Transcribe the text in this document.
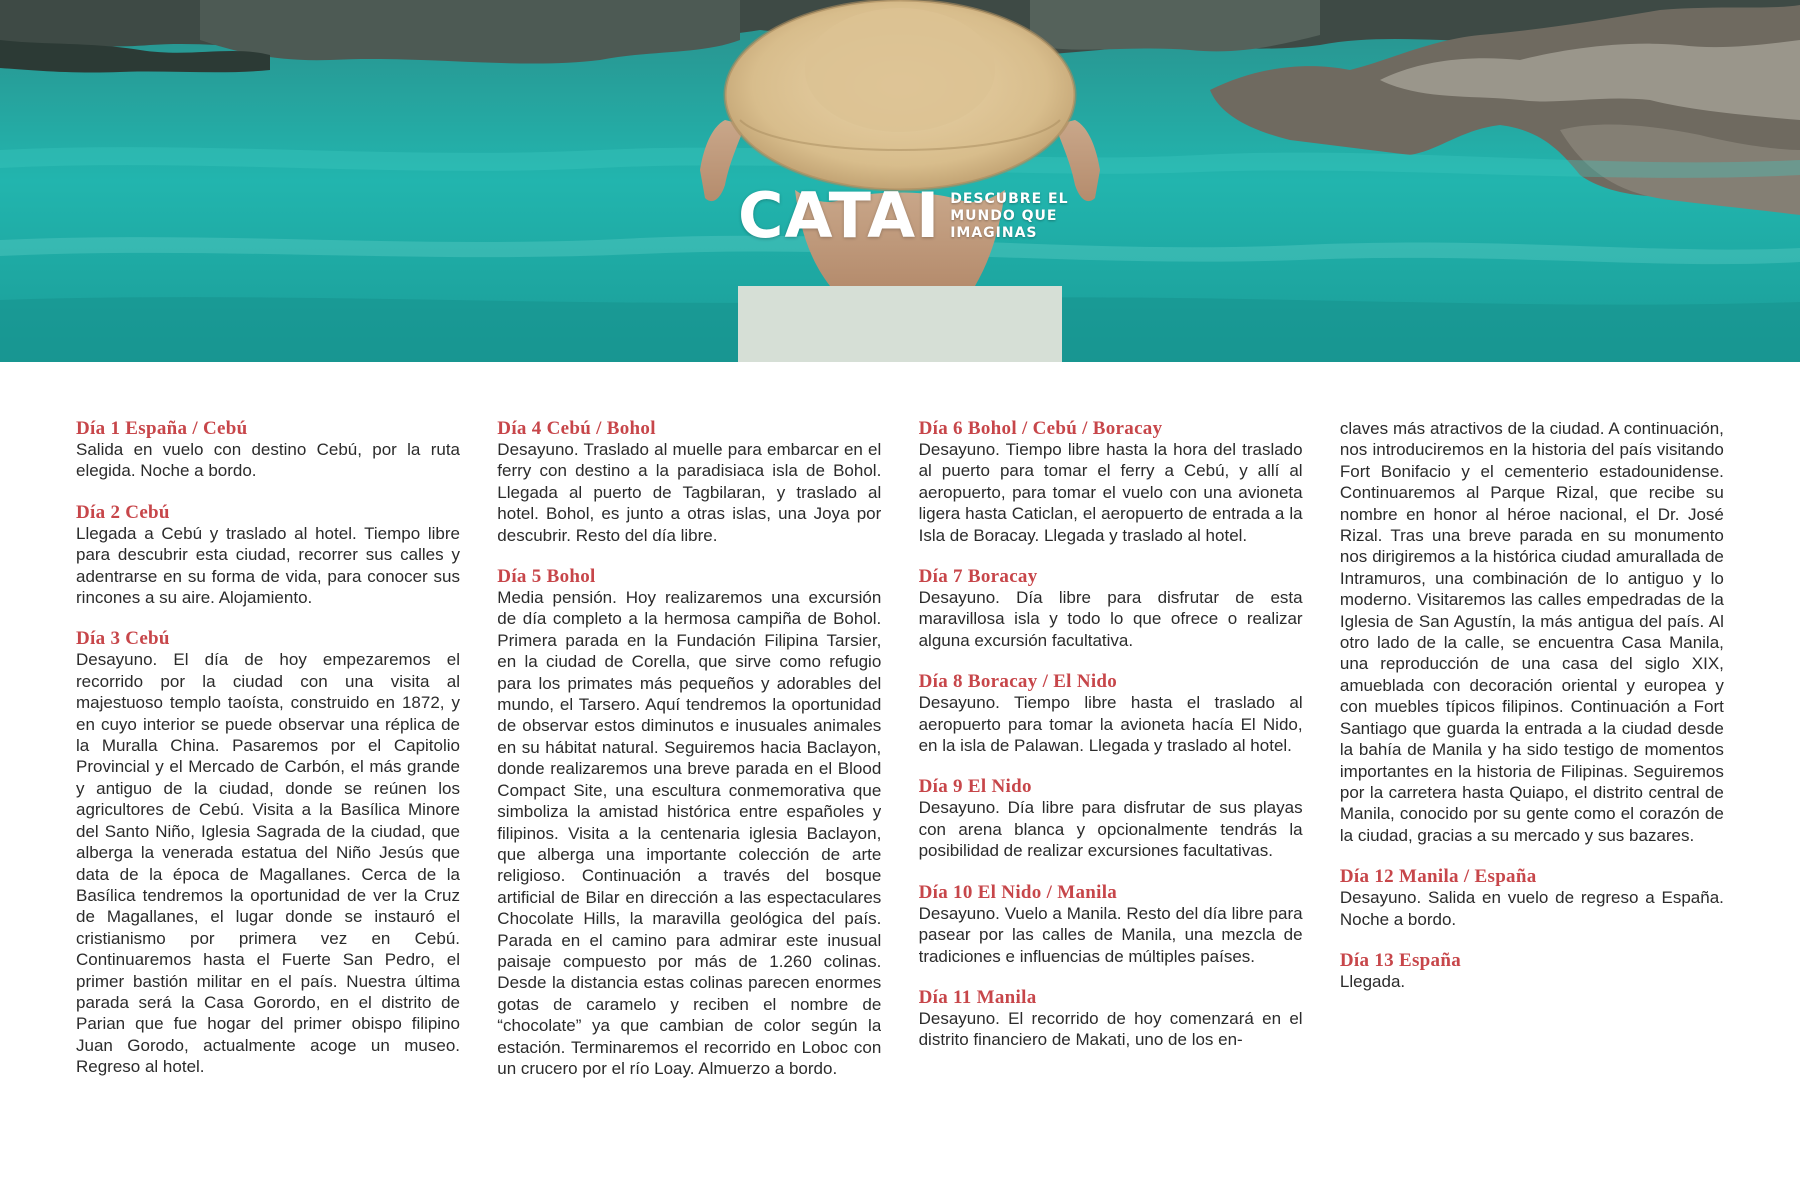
CATAI DESCUBRE EL
MUNDO QUE
IMAGINAS
Día 1 España / Cebú
Salida en vuelo con destino Cebú, por la ruta elegida. Noche a bordo.
Día 2 Cebú
Llegada a Cebú y traslado al hotel. Tiempo libre para descubrir esta ciudad, recorrer sus calles y adentrarse en su forma de vida, para conocer sus rincones a su aire. Alojamiento.
Día 3 Cebú
Desayuno. El día de hoy empezaremos el recorrido por la ciudad con una visita al majestuoso templo taoísta, construido en 1872, y en cuyo interior se puede observar una réplica de la Muralla China. Pasaremos por el Capitolio Provincial y el Mercado de Carbón, el más grande y antiguo de la ciudad, donde se reúnen los agricultores de Cebú. Visita a la Basílica Minore del Santo Niño, Iglesia Sagrada de la ciudad, que alberga la venerada estatua del Niño Jesús que data de la época de Magallanes. Cerca de la Basílica tendremos la oportunidad de ver la Cruz de Magallanes, el lugar donde se instauró el cristianismo por primera vez en Cebú. Continuaremos hasta el Fuerte San Pedro, el primer bastión militar en el país. Nuestra última parada será la Casa Gorordo, en el distrito de Parian que fue hogar del primer obispo filipino Juan Gorodo, actualmente acoge un museo. Regreso al hotel.
Día 4 Cebú / Bohol
Desayuno. Traslado al muelle para embarcar en el ferry con destino a la paradisiaca isla de Bohol. Llegada al puerto de Tagbilaran, y traslado al hotel. Bohol, es junto a otras islas, una Joya por descubrir. Resto del día libre.
Día 5 Bohol
Media pensión. Hoy realizaremos una excursión de día completo a la hermosa campiña de Bohol. Primera parada en la Fundación Filipina Tarsier, en la ciudad de Corella, que sirve como refugio para los primates más pequeños y adorables del mundo, el Tarsero. Aquí tendremos la oportunidad de observar estos diminutos e inusuales animales en su hábitat natural. Seguiremos hacia Baclayon, donde realizaremos una breve parada en el Blood Compact Site, una escultura conmemorativa que simboliza la amistad histórica entre españoles y filipinos. Visita a la centenaria iglesia Baclayon, que alberga una importante colección de arte religioso. Continuación a través del bosque artificial de Bilar en dirección a las espectaculares Chocolate Hills, la maravilla geológica del país. Parada en el camino para admirar este inusual paisaje compuesto por más de 1.260 colinas. Desde la distancia estas colinas parecen enormes gotas de caramelo y reciben el nombre de “chocolate” ya que cambian de color según la estación. Terminaremos el recorrido en Loboc con un crucero por el río Loay. Almuerzo a bordo.
Día 6 Bohol / Cebú / Boracay
Desayuno. Tiempo libre hasta la hora del traslado al puerto para tomar el ferry a Cebú, y allí al aeropuerto, para tomar el vuelo con una avioneta ligera hasta Caticlan, el aeropuerto de entrada a la Isla de Boracay. Llegada y traslado al hotel.
Día 7 Boracay
Desayuno. Día libre para disfrutar de esta maravillosa isla y todo lo que ofrece o realizar alguna excursión facultativa.
Día 8 Boracay / El Nido
Desayuno. Tiempo libre hasta el traslado al aeropuerto para tomar la avioneta hacía El Nido, en la isla de Palawan. Llegada y traslado al hotel.
Día 9 El Nido
Desayuno. Día libre para disfrutar de sus playas con arena blanca y opcionalmente tendrás la posibilidad de realizar excursiones facultativas.
Día 10 El Nido / Manila
Desayuno. Vuelo a Manila. Resto del día libre para pasear por las calles de Manila, una mezcla de tradiciones e influencias de múltiples países.
Día 11 Manila
Desayuno. El recorrido de hoy comenzará en el distrito financiero de Makati, uno de los en-
claves más atractivos de la ciudad. A continuación, nos introduciremos en la historia del país visitando Fort Bonifacio y el cementerio estadounidense. Continuaremos al Parque Rizal, que recibe su nombre en honor al héroe nacional, el Dr. José Rizal. Tras una breve parada en su monumento nos dirigiremos a la histórica ciudad amurallada de Intramuros, una combinación de lo antiguo y lo moderno. Visitaremos las calles empedradas de la Iglesia de San Agustín, la más antigua del país. Al otro lado de la calle, se encuentra Casa Manila, una reproducción de una casa del siglo XIX, amueblada con decoración oriental y europea y con muebles típicos filipinos. Continuación a Fort Santiago que guarda la entrada a la ciudad desde la bahía de Manila y ha sido testigo de momentos importantes en la historia de Filipinas. Seguiremos por la carretera hasta Quiapo, el distrito central de Manila, conocido por su gente como el corazón de la ciudad, gracias a su mercado y sus bazares.
Día 12 Manila / España
Desayuno. Salida en vuelo de regreso a España. Noche a bordo.
Día 13 España
Llegada.
